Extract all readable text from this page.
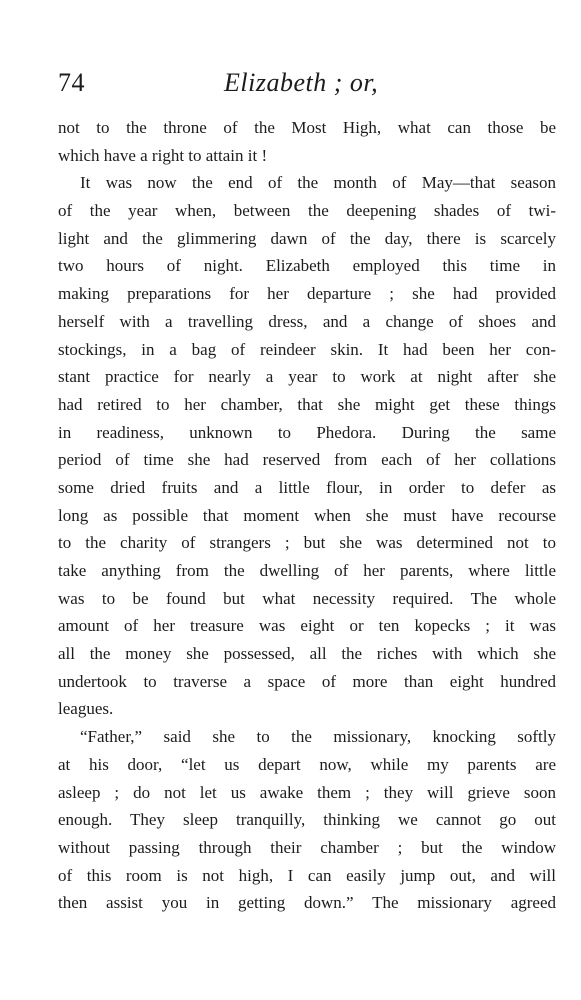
74	Elizabeth ; or,
not to the throne of the Most High, what can those be
which have a right to attain it !
It was now the end of the month of May—that season
of the year when, between the deepening shades of twi-
light and the glimmering dawn of the day, there is scarcely
two hours of night. Elizabeth employed this time in
making preparations for her departure ; she had provided
herself with a travelling dress, and a change of shoes and
stockings, in a bag of reindeer skin. It had been her con-
stant practice for nearly a year to work at night after she
had retired to her chamber, that she might get these things
in readiness, unknown to Phedora. During the same
period of time she had reserved from each of her collations
some dried fruits and a little flour, in order to defer as
long as possible that moment when she must have recourse
to the charity of strangers ; but she was determined not to
take anything from the dwelling of her parents, where little
was to be found but what necessity required. The whole
amount of her treasure was eight or ten kopecks ; it was
all the money she possessed, all the riches with which she
undertook to traverse a space of more than eight hundred
leagues.
“Father,” said she to the missionary, knocking softly
at his door, “let us depart now, while my parents are
asleep ; do not let us awake them ; they will grieve soon
enough. They sleep tranquilly, thinking we cannot go out
without passing through their chamber ; but the window
of this room is not high, I can easily jump out, and will
then assist you in getting down.” The missionary agreed
